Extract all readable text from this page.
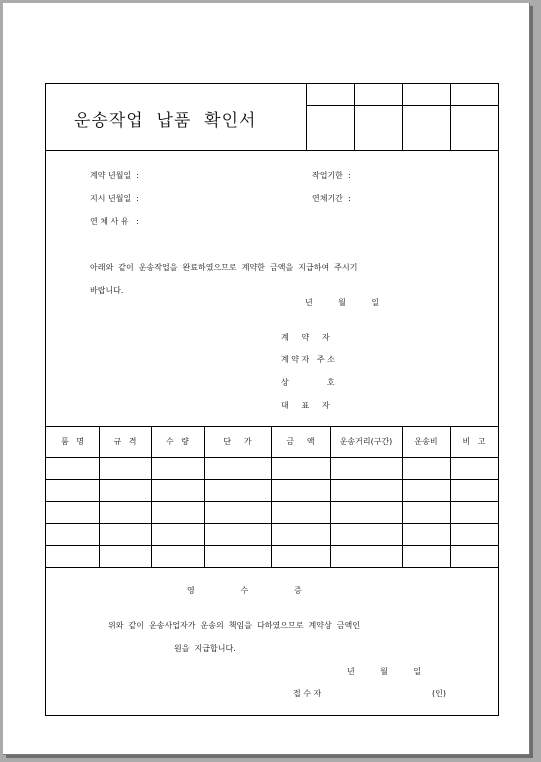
운송작업  납품  확인서
계약 년월일  :	작업기한  :
지시 년월일  :	연체기간  :
연 체 사 유   :
아래와  같이  운송작업을  완료하였으므로  계약한  금액을  지급하여  주시기
바랍니다.
년          월          일
계     약     자
계 약 자   주 소
상               호
대     표     자
품   명	규   격	수   량	단     가	금     액	운송거리(구간)	운송비	비   고
영                  수                  증
위와  같이  운송사업자가  운송의  책임을  다하였으므로  계약상  금액인
원을  지급합니다.
년          월          일
접 수 자	(인)
